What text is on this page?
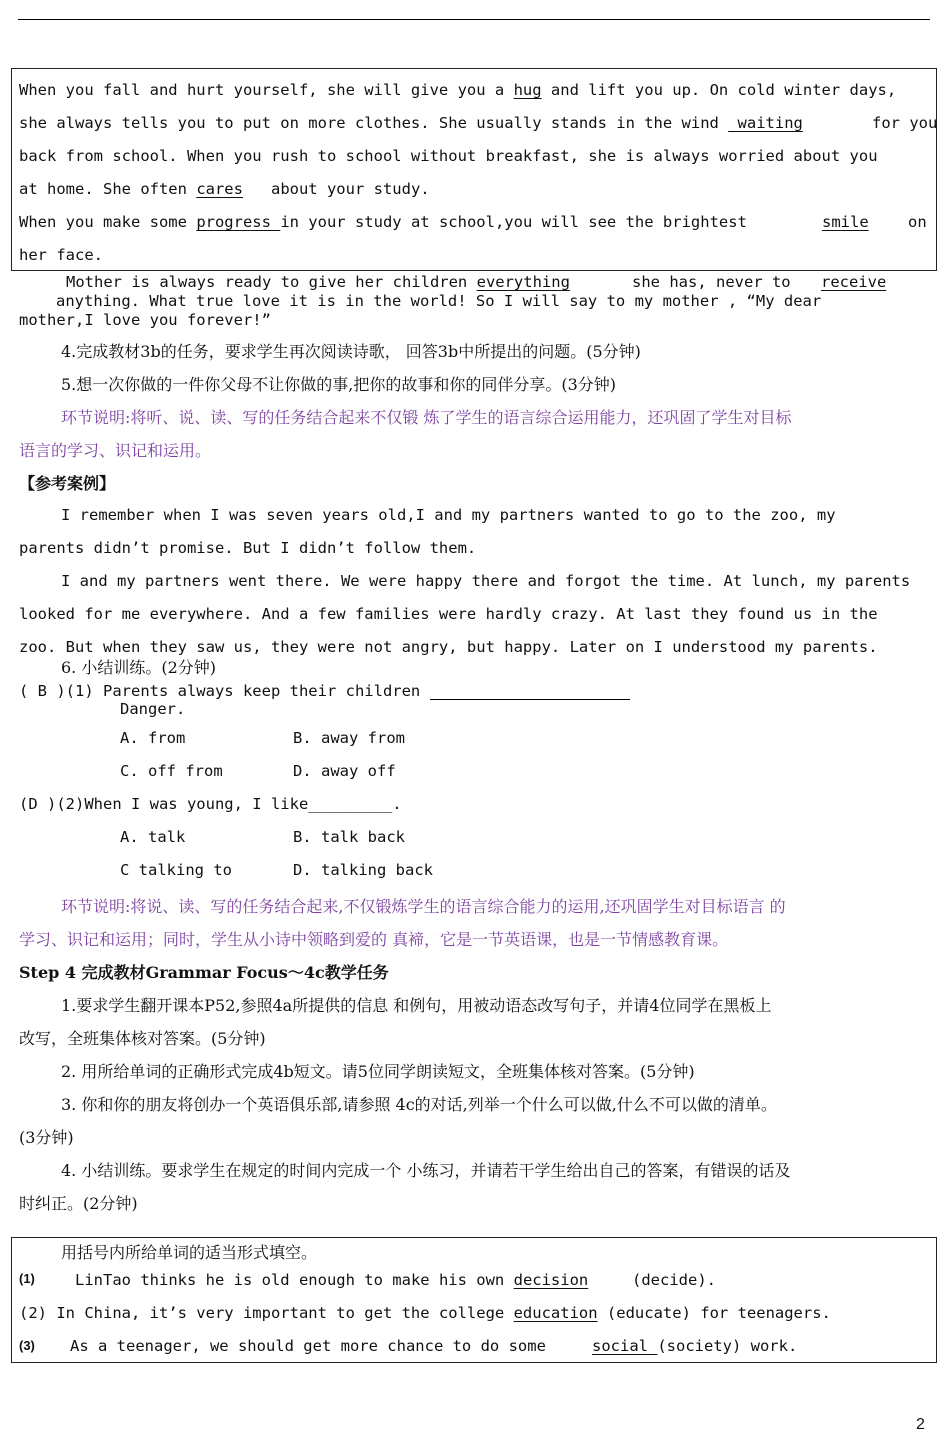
When you fall and hurt yourself, she will give you a hug and lift you up. On cold winter days,
she always tells you to put on more clothes. She usually stands in the wind _waiting	for you
back from school. When you rush to school without breakfast, she is always worried about you
at home. She often cares about your study.
When you make some progress in your study at school,you will see the brightest	smile	on
her face.
Mother is always ready to give her children everything	she has, never to receive
anything. What true love it is in the world! So I will say to my mother , “My dear
mother,I love you forever!”
4.完成教材3b的任务，要求学生再次阅读诗歌， 回答3b中所提出的问题。(5分钟)
5.想一次你做的一件你父母不让你做的事,把你的故事和你的同伴分享。(3分钟)
环节说明:将听、说、读、写的任务结合起来不仅锻 炼了学生的语言综合运用能力，还巩固了学生对目标
语言的学习、识记和运用。
【参考案例】
I remember when I was seven years old,I and my partners wanted to go to the zoo, my
parents didn’t promise. But I didn’t follow them.
I and my partners went there. We were happy there and forgot the time. At lunch, my parents
looked for me everywhere. And a few families were hardly crazy. At last they found us in the
zoo. But when they saw us, they were not angry, but happy. Later on I understood my parents.
6. 小结训练。(2分钟)
( B )(1) Parents always keep their children
Danger.
A. from	B. away from
C. off from	D. away off
(D )(2)When I was young, I like_________.
A. talk	B. talk back
C talking to	D. talking back
环节说明:将说、读、写的任务结合起来,不仅锻炼学生的语言综合能力的运用,还巩固学生对目标语言 的
学习、识记和运用；同时，学生从小诗中领略到爱的 真褅，它是一节英语课，也是一节情感教育课。
Step 4 完成教材Grammar Focus〜4c教学任务
1.要求学生翻开课本P52,参照4a所提供的信息 和例句，用被动语态改写句子，并请4位同学在黑板上
改写，全班集体核对答案。(5分钟)
2. 用所给单词的正确形式完成4b短文。请5位同学朗读短文，全班集体核对答案。(5分钟)
3. 你和你的朋友将创办一个英语俱乐部,请参照 4c的对话,列举一个什么可以做,什么不可以做的清单。
(3分钟)
4. 小结训练。要求学生在规定的时间内完成一个 小练习，并请若干学生给出自己的答案，有错误的话及
时纠正。(2分钟)
用括号内所给单词的适当形式填空。
(1)	LinTao thinks he is old enough to make his own decision	(decide).
(2) In China, it’s very important to get the college education (educate) for teenagers.
(3) As a teenager, we should get more chance to do some	social (society) work.
2
